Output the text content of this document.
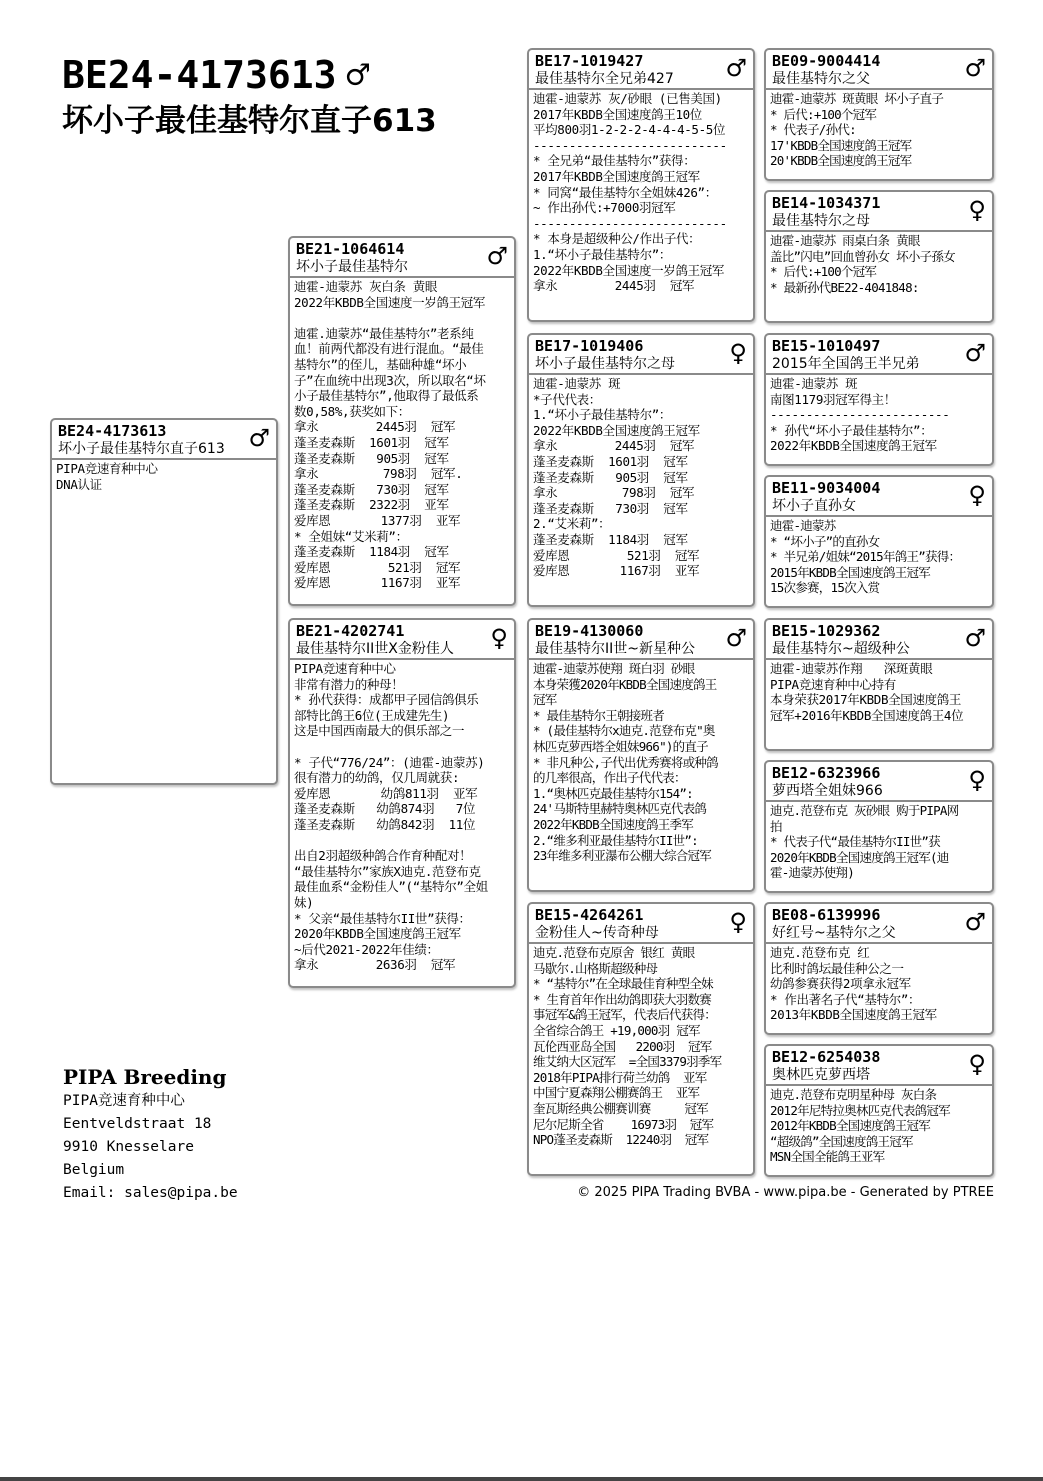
BE24-4173613 ♂
坏小子最佳基特尔直子613
BE24-4173613
坏小子最佳基特尔直子613 ♂
PIPA竞速育种中心
DNA认证
BE21-1064614
坏小子最佳基特尔	♂
迪霍-迪蒙苏 灰白条 黄眼
2022年KBDB全国速度一岁鸽王冠军

迪霍.迪蒙苏“最佳基特尔”老系纯
血！前两代都没有进行混血。“最佳
基特尔”的侄儿，基础种雄“坏小
子”在血统中出现3次，所以取名“坏
小子最佳基特尔”,他取得了最低系
数0,58%,获奖如下：
拿永        2445羽  冠军
蓬圣麦森斯  1601羽  冠军
蓬圣麦森斯   905羽  冠军
拿永         798羽  冠军.
蓬圣麦森斯   730羽  冠军
蓬圣麦森斯  2322羽  亚军
爱库恩       1377羽  亚军
* 全姐妹“艾米莉”：
蓬圣麦森斯  1184羽  冠军
爱库恩        521羽  冠军
爱库恩       1167羽  亚军
BE21-4202741
最佳基特尔II世X金粉佳人	♀
PIPA竞速育种中心
非常有潜力的种母！
* 孙代获得：成都甲子园信鸽俱乐
部特比鸽王6位(王成建先生)
这是中国西南最大的俱乐部之一

* 子代“776/24”：(迪霍-迪蒙苏)
很有潜力的幼鸽，仅几周就获:
爱库恩       幼鸽811羽  亚军
蓬圣麦森斯   幼鸽874羽   7位
蓬圣麦森斯   幼鸽842羽  11位

出自2羽超级种鸽合作育种配对！
“最佳基特尔”家族X迪克.范登布克
最佳血系“金粉佳人”(“基特尔”全姐
妹)
* 父亲“最佳基特尔II世”获得：
2020年KBDB全国速度鸽王冠军
~后代2021-2022年佳绩：
拿永        2636羽  冠军
BE17-1019427
最佳基特尔全兄弟427	♂
迪霍-迪蒙苏 灰/砂眼 (已售美国)
2017年KBDB全国速度鸽王10位
平均800羽1-2-2-2-4-4-4-5-5位
---------------------------
* 全兄弟“最佳基特尔”获得：
2017年KBDB全国速度鸽王冠军
* 同窝“最佳基特尔全姐妹426”：
~ 作出孙代:+7000羽冠军
---------------------------
* 本身是超级种公/作出子代：
1.“坏小子最佳基特尔”：
2022年KBDB全国速度一岁鸽王冠军
拿永        2445羽  冠军
BE17-1019406
坏小子最佳基特尔之母	♀
迪霍-迪蒙苏 斑
*子代代表：
1.“坏小子最佳基特尔”：
2022年KBDB全国速度鸽王冠军
拿永        2445羽  冠军
蓬圣麦森斯  1601羽  冠军
蓬圣麦森斯   905羽  冠军
拿永         798羽  冠军
蓬圣麦森斯   730羽  冠军
2.“艾米莉”：
蓬圣麦森斯  1184羽  冠军
爱库恩        521羽  冠军
爱库恩       1167羽  亚军
BE19-4130060
最佳基特尔II世~新星种公	♂
迪霍-迪蒙苏使翔 斑白羽 砂眼
本身荣獲2020年KBDB全国速度鸽王
冠军
* 最佳基特尔王朝接班者
* (最佳基特尔x迪克.范登布克"奥
林匹克萝西塔全姐妹966")的直子
* 非凡种公,子代出优秀赛将或种鸽
的几率很高，作出子代代表：
1.“奥林匹克最佳基特尔154”:
24'马斯特里赫特奥林匹克代表鸽
2022年KBDB全国速度鸽王季军
2.“维多利亚最佳基特尔II世”:
23年维多利亚瀑布公棚大综合冠军
BE15-4264261
金粉佳人~传奇种母	♀
迪克.范登布克原舍 银红 黄眼
马歇尔.山格斯超级种母
* “基特尔”在全球最佳育种型全妹
* 生育首年作出幼鸽即获大羽数赛
事冠军&鸽王冠军，代表后代获得：
全省综合鸽王 +19,000羽 冠军
瓦伦西亚岛全国   2200羽  冠军
维艾纳大区冠军  =全国3379羽季军
2018年PIPA排行荷兰幼鸽  亚军
中国宁夏森翔公棚赛鸽王  亚军
奎瓦斯经典公棚赛训赛     冠军
尼尔尼斯全省    16973羽  冠军
NPO蓬圣麦森斯  12240羽  冠军
BE09-9004414
最佳基特尔之父	♂
迪霍-迪蒙苏 斑黄眼 坏小子直子
* 后代:+100个冠军
* 代表子/孙代:
17'KBDB全国速度鸽王冠军
20'KBDB全国速度鸽王冠军
BE14-1034371
最佳基特尔之母	♀
迪霍-迪蒙苏 雨桌白条 黄眼
盖比”闪电”回血曾孙女 坏小子孫女
* 后代:+100个冠军
* 最新孙代BE22-4041848:
BE15-1010497
2015年全国鸽王半兄弟	♂
迪霍-迪蒙苏 斑
南图1179羽冠军得主！
-------------------------
* 孙代“坏小子最佳基特尔”：
2022年KBDB全国速度鸽王冠军
BE11-9034004
坏小子直孙女	♀
迪霍-迪蒙苏
* “坏小子”的直孙女
* 半兄弟/姐妹“2015年鸽王”获得：
2015年KBDB全国速度鸽王冠军
15次参赛，15次入赏
BE15-1029362
最佳基特尔~超级种公	♂
迪霍-迪蒙苏作翔   深斑黄眼
PIPA竞速育种中心持有
本身荣获2017年KBDB全国速度鸽王
冠军+2016年KBDB全国速度鸽王4位
BE12-6323966
萝西塔全姐妹966	♀
迪克.范登布克 灰砂眼 购于PIPA网
拍
* 代表子代“最佳基特尔II世”获
2020年KBDB全国速度鸽王冠军(迪
霍-迪蒙苏使翔)
BE08-6139996
好红号~基特尔之父	♂
迪克.范登布克 红
比利时鸽坛最佳种公之一
幼鸽参赛获得2项拿永冠军
* 作出著名子代“基特尔”：
2013年KBDB全国速度鸽王冠军
BE12-6254038
奥林匹克萝西塔	♀
迪克.范登布克明星种母 灰白条
2012年尼特拉奥林匹克代表鸽冠军
2012年KBDB全国速度鸽王冠军
“超级鸽”全国速度鸽王冠军
MSN全国全能鸽王亚军
PIPA Breeding
PIPA竞速育种中心
Eentveldstraat 18
9910 Knesselare
Belgium
Email: sales@pipa.be	© 2025 PIPA Trading BVBA - www.pipa.be - Generated by PTREE
